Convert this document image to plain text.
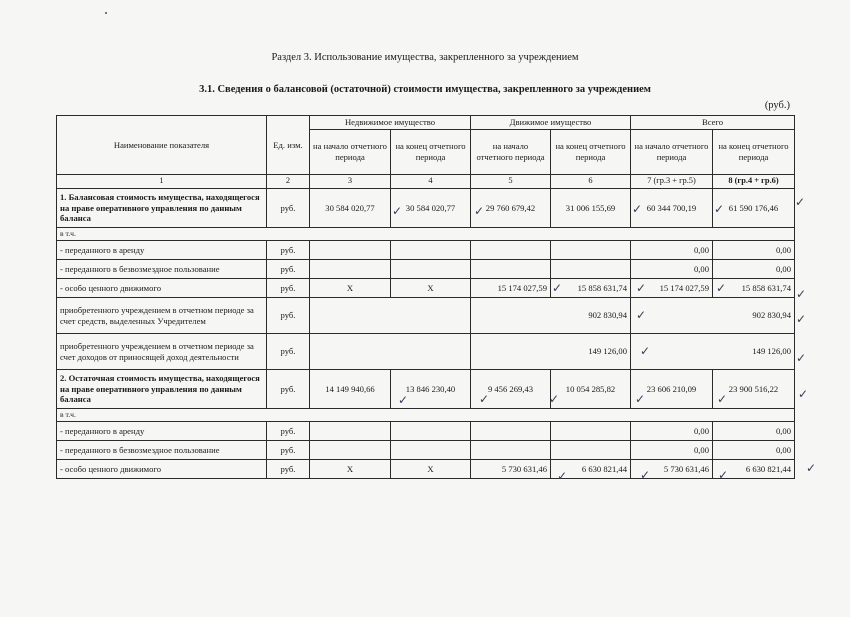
Раздел 3. Использование имущества, закрепленного за учреждением
3.1. Сведения о балансовой (остаточной) стоимости имущества, закрепленного за учреждением
(руб.)
Наименование показателя	Ед. изм.	Недвижимое имущество		Движимое имущество		Всего	
		на начало отчетного периода	на конец отчетного периода	на начало отчетного периода	на конец отчетного периода	на начало отчетного периода	на конец отчетного периода
1	2	3	4	5	6	7 (гр.3 + гр.5)	8 (гр.4 + гр.6)
1. Балансовая стоимость имущества, находящегося на праве оперативного управления по данным баланса	руб.	30 584 020,77	30 584 020,77	29 760 679,42	31 006 155,69	60 344 700,19	61 590 176,46
в т.ч.							
- переданного в аренду	руб.					0,00	0,00
- переданного в безвозмездное пользование	руб.					0,00	0,00
- особо ценного движимого	руб.	X	X	15 174 027,59	15 858 631,74	15 174 027,59	15 858 631,74
приобретенного учреждением в отчетном периоде за счет средств, выделенных Учредителем	руб.			902 830,94		902 830,94	
приобретенного учреждением в отчетном периоде за счет доходов от приносящей доход деятельности	руб.			149 126,00		149 126,00	
2. Остаточная стоимость имущества, находящегося на праве оперативного управления по данным баланса	руб.	14 149 940,66	13 846 230,40	9 456 269,43	10 054 285,82	23 606 210,09	23 900 516,22
в т.ч.							
- переданного в аренду	руб.					0,00	0,00
- переданного в безвозмездное пользование	руб.					0,00	0,00
- особо ценного движимого	руб.	X	X	5 730 631,46	6 630 821,44	5 730 631,46	6 630 821,44
✓	✓	✓	✓	✓
✓	✓	✓	✓
✓	✓
✓	✓
✓	✓	✓	✓	✓	✓
✓	✓	✓	✓
